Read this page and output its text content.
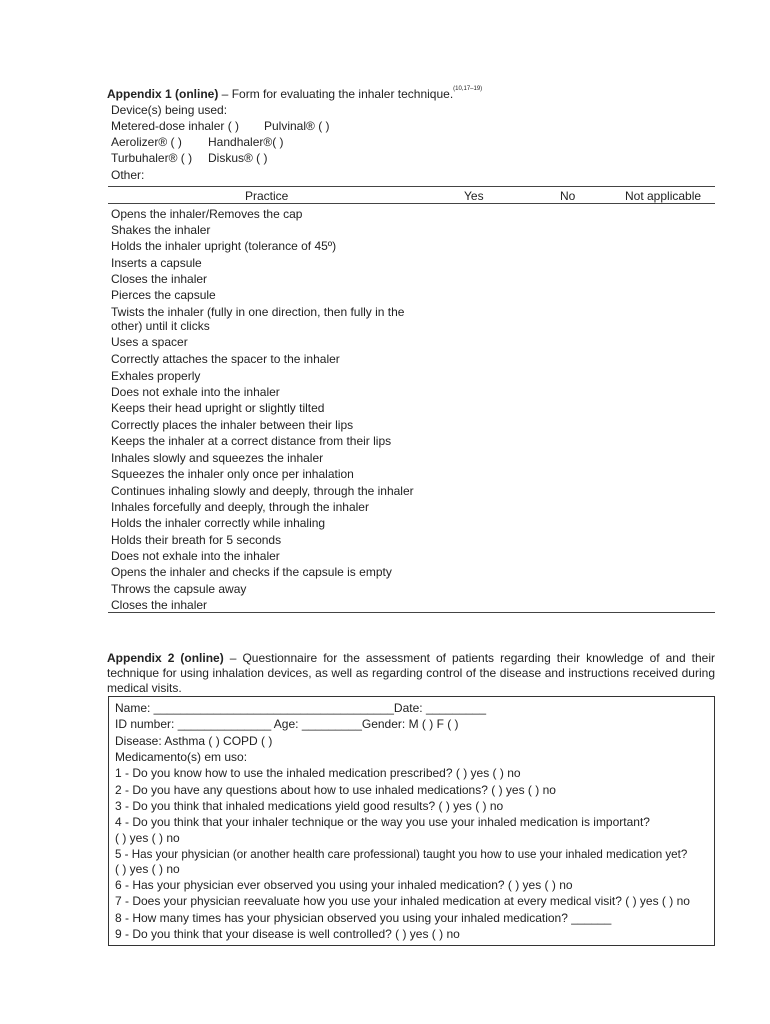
Appendix 1 (online) – Form for evaluating the inhaler technique.$^{(10,17-19)}$
Device(s) being used:
Metered-dose inhaler ( ) Pulvinal® ( )
Aerolizer® ( ) Handhaler®( )
Turbuhaler® ( ) Diskus® ( )
Other:
Practice	Yes	No	Not applicable
Opens the inhaler/Removes the cap
Shakes the inhaler
Holds the inhaler upright (tolerance of 45º)
Inserts a capsule
Closes the inhaler
Pierces the capsule
Twists the inhaler (fully in one direction, then fully in the other) until it clicks
Uses a spacer
Correctly attaches the spacer to the inhaler
Exhales properly
Does not exhale into the inhaler
Keeps their head upright or slightly tilted
Correctly places the inhaler between their lips
Keeps the inhaler at a correct distance from their lips
Inhales slowly and squeezes the inhaler
Squeezes the inhaler only once per inhalation
Continues inhaling slowly and deeply, through the inhaler
Inhales forcefully and deeply, through the inhaler
Holds the inhaler correctly while inhaling
Holds their breath for 5 seconds
Does not exhale into the inhaler
Opens the inhaler and checks if the capsule is empty
Throws the capsule away
Closes the inhaler
Appendix 2 (online) – Questionnaire for the assessment of patients regarding their knowledge of and their technique for using inhalation devices, as well as regarding control of the disease and instructions received during medical visits.
Name: ____________________________________Date: _________
ID number: ______________ Age: _________Gender: M ( ) F ( )
Disease: Asthma ( ) COPD ( )
Medicamento(s) em uso:
1 - Do you know how to use the inhaled medication prescribed? ( ) yes ( ) no
2 - Do you have any questions about how to use inhaled medications? ( ) yes ( ) no
3 - Do you think that inhaled medications yield good results? ( ) yes ( ) no
4 - Do you think that your inhaler technique or the way you use your inhaled medication is important?
( ) yes ( ) no
5 - Has your physician (or another health care professional) taught you how to use your inhaled medication yet?
( ) yes ( ) no
6 - Has your physician ever observed you using your inhaled medication? ( ) yes ( ) no
7 - Does your physician reevaluate how you use your inhaled medication at every medical visit? ( ) yes ( ) no
8 - How many times has your physician observed you using your inhaled medication? ______
9 - Do you think that your disease is well controlled? ( ) yes ( ) no
